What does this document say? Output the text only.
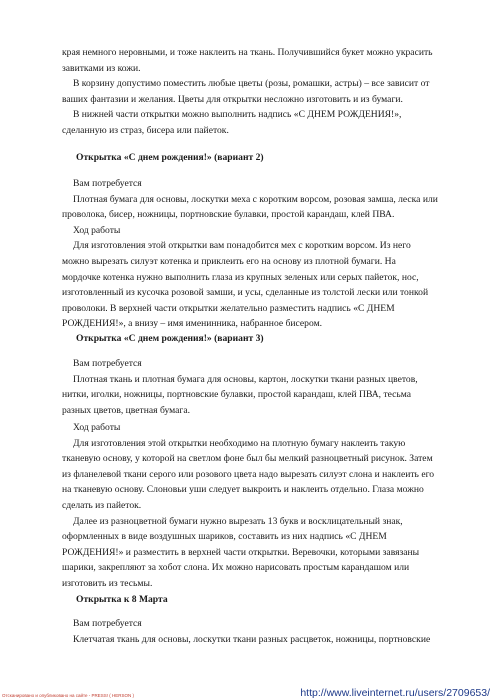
края немного неровными, и тоже наклеить на ткань. Получившийся букет можно украсить
завитками из кожи.
В корзину допустимо поместить любые цветы (розы, ромашки, астры) – все зависит от
ваших фантазии и желания. Цветы для открытки несложно изготовить и из бумаги.
В нижней части открытки можно выполнить надпись «С ДНЕМ РОЖДЕНИЯ!»,
сделанную из страз, бисера или пайеток.
Открытка «С днем рождения!» (вариант 2)
Вам потребуется
Плотная бумага для основы, лоскутки меха с коротким ворсом, розовая замша, леска или
проволока, бисер, ножницы, портновские булавки, простой карандаш, клей ПВА.
Ход работы
Для изготовления этой открытки вам понадобится мех с коротким ворсом. Из него
можно вырезать силуэт котенка и приклеить его на основу из плотной бумаги. На
мордочке котенка нужно выполнить глаза из крупных зеленых или серых пайеток, нос,
изготовленный из кусочка розовой замши, и усы, сделанные из толстой лески или тонкой
проволоки. В верхней части открытки желательно разместить надпись «С ДНЕМ
РОЖДЕНИЯ!», а внизу – имя именинника, набранное бисером.
Открытка «С днем рождения!» (вариант 3)
Вам потребуется
Плотная ткань и плотная бумага для основы, картон, лоскутки ткани разных цветов,
нитки, иголки, ножницы, портновские булавки, простой карандаш, клей ПВА, тесьма
разных цветов, цветная бумага.
Ход работы
Для изготовления этой открытки необходимо на плотную бумагу наклеить такую
тканевую основу, у которой на светлом фоне был бы мелкий разноцветный рисунок. Затем
из фланелевой ткани серого или розового цвета надо вырезать силуэт слона и наклеить его
на тканевую основу. Слоновьи уши следует выкроить и наклеить отдельно. Глаза можно
сделать из пайеток.
Далее из разноцветной бумаги нужно вырезать 13 букв и восклицательный знак,
оформленных в виде воздушных шариков, составить из них надпись «С ДНЕМ
РОЖДЕНИЯ!» и разместить в верхней части открытки. Веревочки, которыми завязаны
шарики, закрепляют за хобот слона. Их можно нарисовать простым карандашом или
изготовить из тесьмы.
Открытка к 8 Марта
Вам потребуется
Клетчатая ткань для основы, лоскутки ткани разных расцветок, ножницы, портновские
Отсканировано и опубликовано на сайте - PRESS! ( HERSON )	http://www.liveinternet.ru/users/2709653/
